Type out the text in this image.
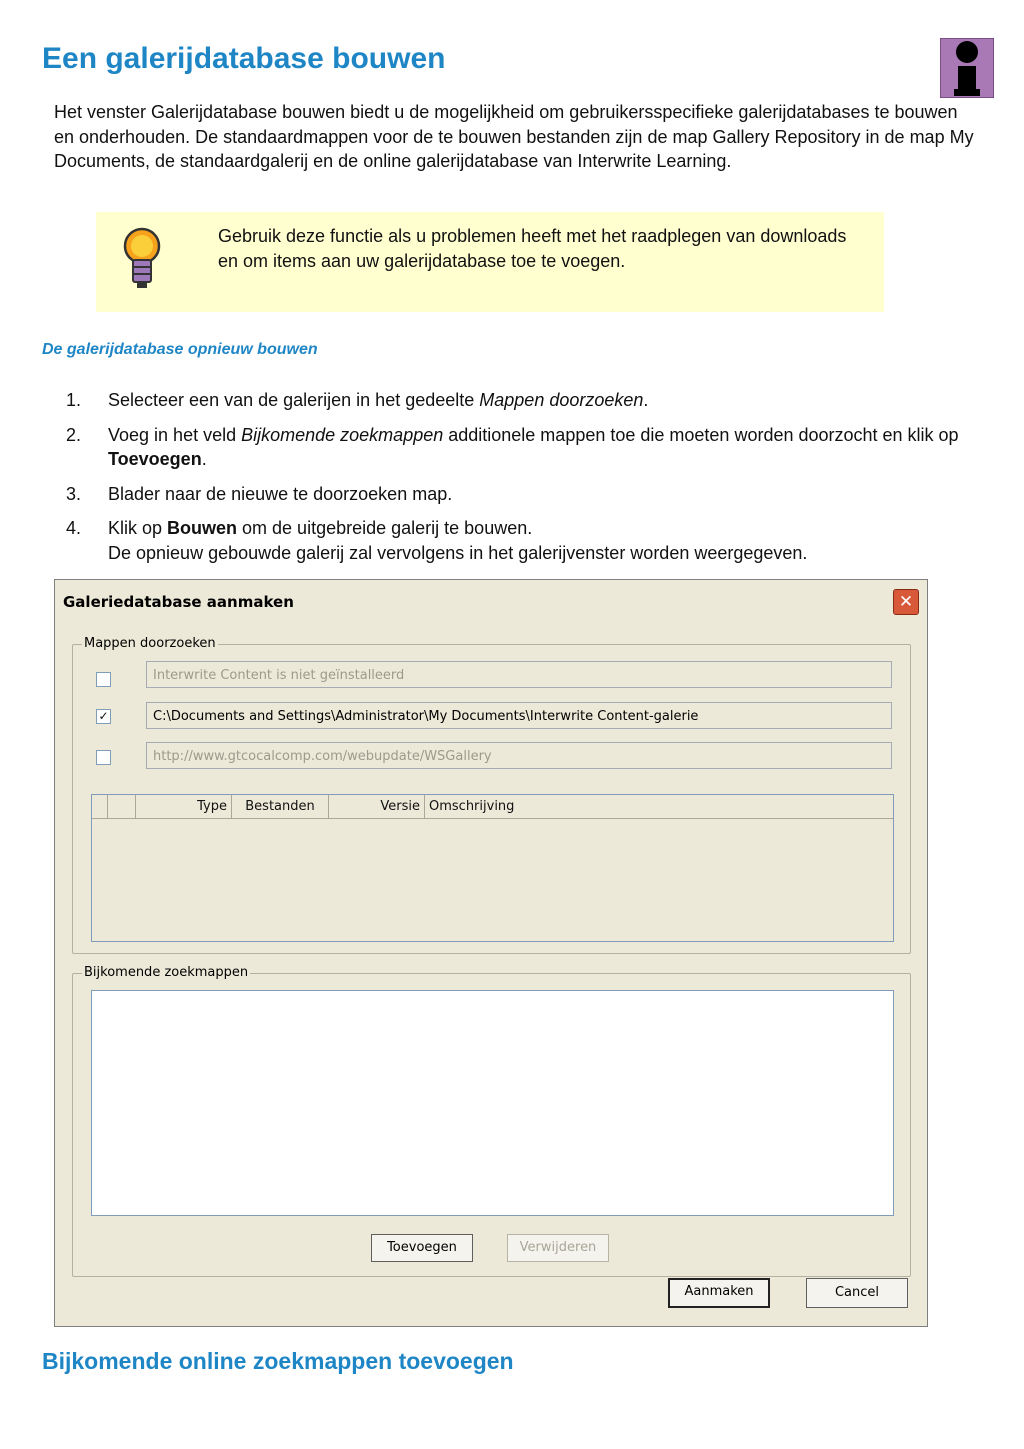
Een galerijdatabase bouwen
Het venster Galerijdatabase bouwen biedt u de mogelijkheid om gebruikersspecifieke galerijdatabases te bouwen en onderhouden. De standaardmappen voor de te bouwen bestanden zijn de map Gallery Repository in de map My Documents, de standaardgalerij en de online galerijdatabase van Interwrite Learning.
Gebruik deze functie als u problemen heeft met het raadplegen van downloads en om items aan uw galerijdatabase toe te voegen.
De galerijdatabase opnieuw bouwen
1. Selecteer een van de galerijen in het gedeelte Mappen doorzoeken.
2. Voeg in het veld Bijkomende zoekmappen additionele mappen toe die moeten worden doorzocht en klik op Toevoegen.
3. Blader naar de nieuwe te doorzoeken map.
4. Klik op Bouwen om de uitgebreide galerij te bouwen.
De opnieuw gebouwde galerij zal vervolgens in het galerijvenster worden weergegeven.
Galeriedatabase aanmaken	✕
Mappen doorzoeken
Interwrite Content is niet geïnstalleerd
✓	C:\Documents and Settings\Administrator\My Documents\Interwrite Content-galerie
http://www.gtcocalcomp.com/webupdate/WSGallery
Type	Bestanden	Versie Omschrijving
Bijkomende zoekmappen
Toevoegen	Verwijderen
Aanmaken	Cancel
Bijkomende online zoekmappen toevoegen
